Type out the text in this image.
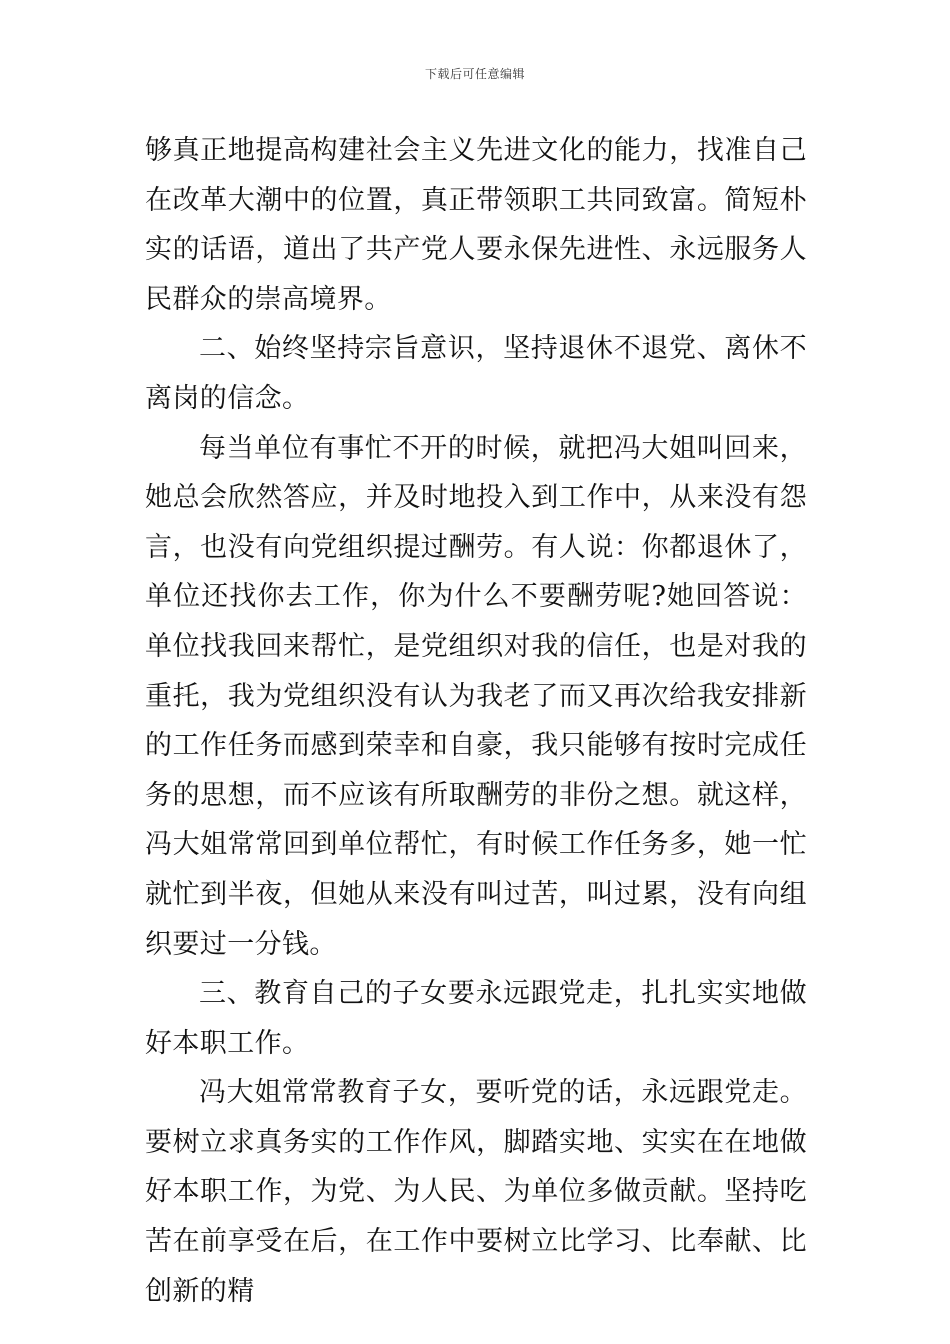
下载后可任意编辑

够真正地提高构建社会主义先进文化的能力，找准自己在改革大潮中的位置，真正带领职工共同致富。简短朴实的话语，道出了共产党人要永保先进性、永远服务人民群众的崇高境界。

二、始终坚持宗旨意识，坚持退休不退党、离休不离岗的信念。

每当单位有事忙不开的时候，就把冯大姐叫回来，她总会欣然答应，并及时地投入到工作中，从来没有怨言，也没有向党组织提过酬劳。有人说：你都退休了，单位还找你去工作，你为什么不要酬劳呢?她回答说：单位找我回来帮忙，是党组织对我的信任，也是对我的重托，我为党组织没有认为我老了而又再次给我安排新的工作任务而感到荣幸和自豪，我只能够有按时完成任务的思想，而不应该有所取酬劳的非份之想。就这样，冯大姐常常回到单位帮忙，有时候工作任务多，她一忙就忙到半夜，但她从来没有叫过苦，叫过累，没有向组织要过一分钱。

三、教育自己的子女要永远跟党走，扎扎实实地做好本职工作。

冯大姐常常教育子女，要听党的话，永远跟党走。要树立求真务实的工作作风，脚踏实地、实实在在地做好本职工作，为党、为人民、为单位多做贡献。坚持吃苦在前享受在后，在工作中要树立比学习、比奉献、比创新的精
